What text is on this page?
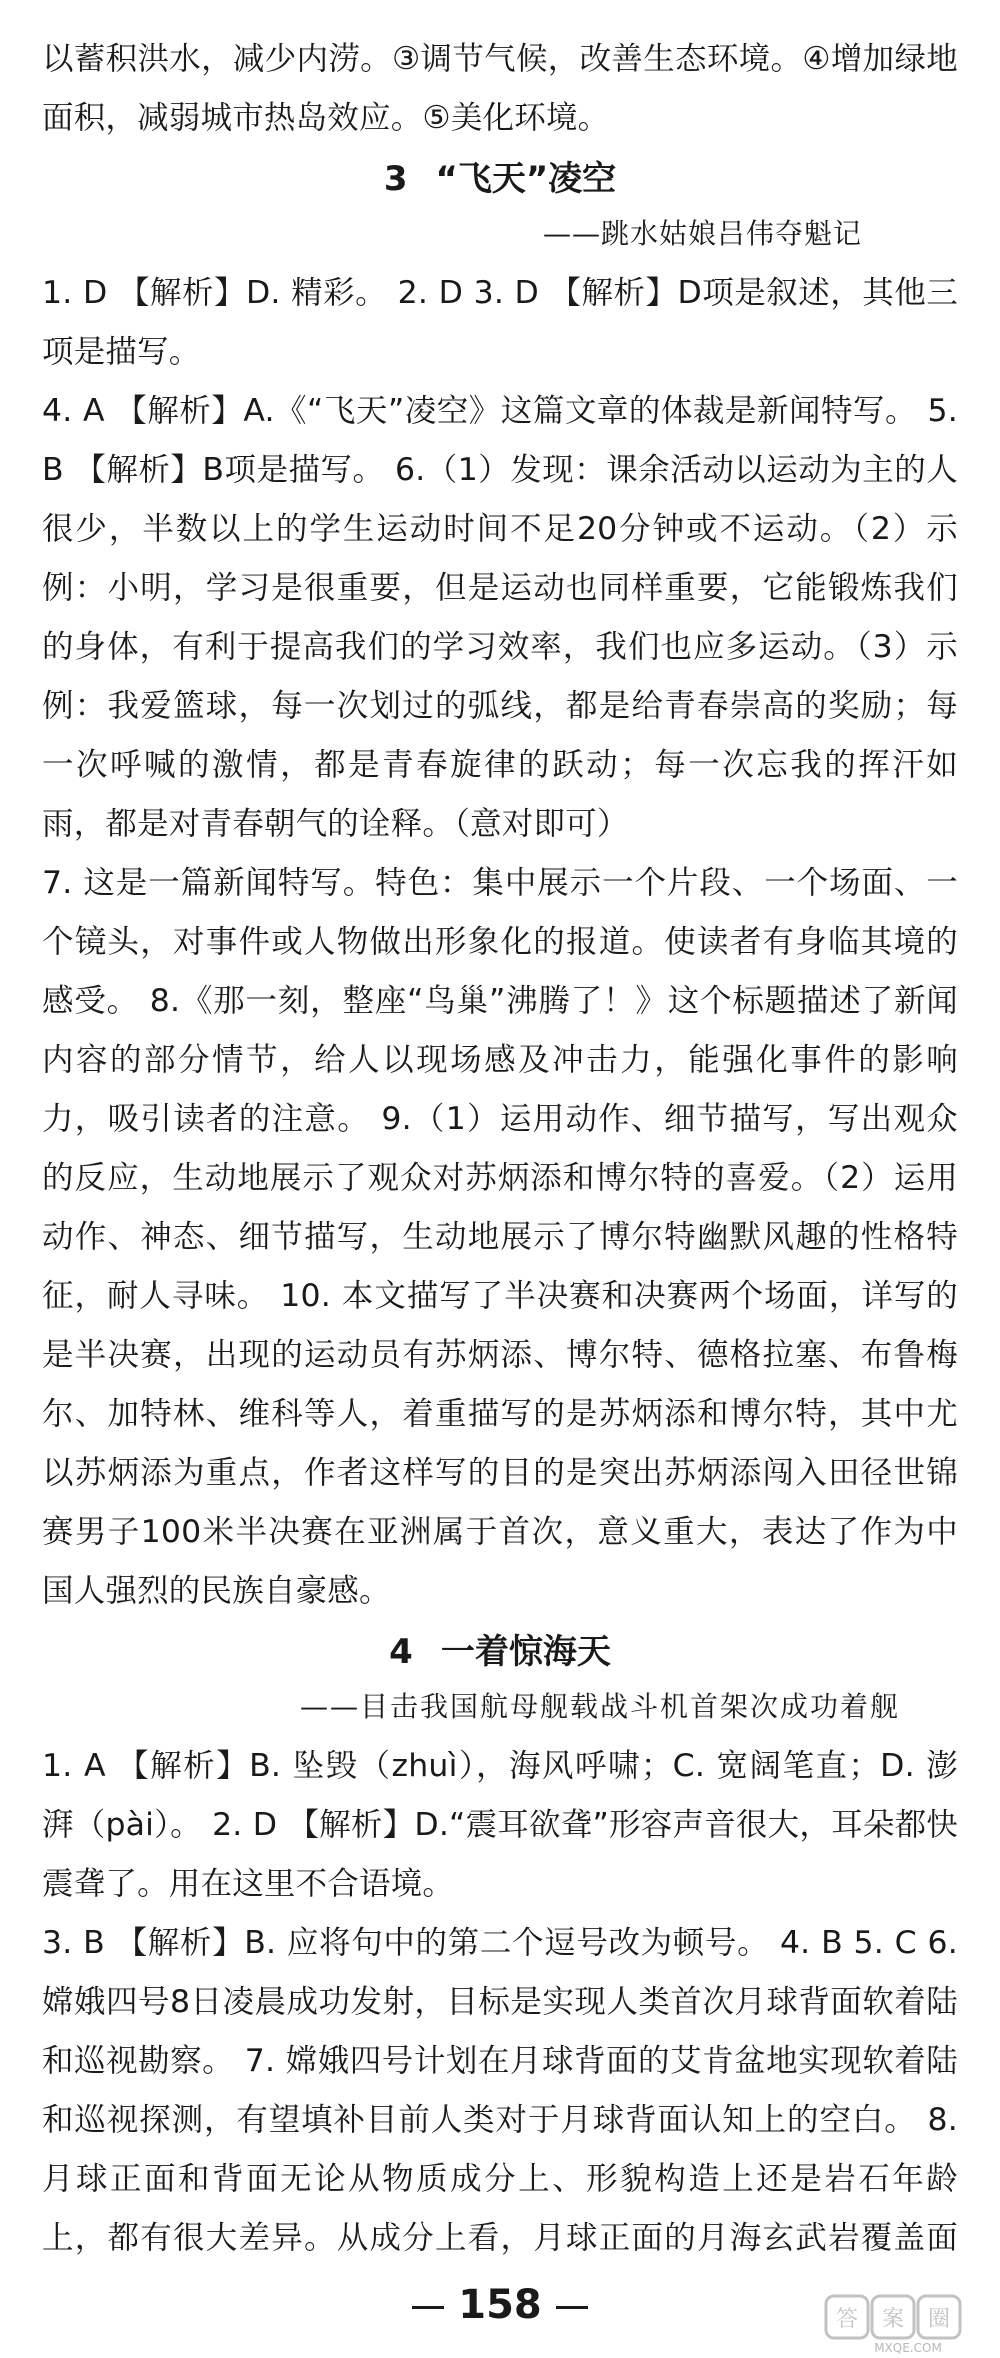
以蓄积洪水，减少内涝。③调节气候，改善生态环境。④增加绿地面积，减弱城市热岛效应。⑤美化环境。

3 “飞天”凌空
——跳水姑娘吕伟夺魁记

1. D 【解析】D. 精彩。 2. D 3. D 【解析】D项是叙述，其他三项是描写。

4. A 【解析】A.《“飞天”凌空》这篇文章的体裁是新闻特写。 5. B 【解析】B项是描写。 6.（1）发现：课余活动以运动为主的人很少，半数以上的学生运动时间不足20分钟或不运动。（2）示例：小明，学习是很重要，但是运动也同样重要，它能锻炼我们的身体，有利于提高我们的学习效率，我们也应多运动。（3）示例：我爱篮球，每一次划过的弧线，都是给青春崇高的奖励；每一次呼喊的激情，都是青春旋律的跃动；每一次忘我的挥汗如雨，都是对青春朝气的诠释。（意对即可）

7. 这是一篇新闻特写。特色：集中展示一个片段、一个场面、一个镜头，对事件或人物做出形象化的报道。使读者有身临其境的感受。 8.《那一刻，整座“鸟巢”沸腾了！》这个标题描述了新闻内容的部分情节，给人以现场感及冲击力，能强化事件的影响力，吸引读者的注意。 9.（1）运用动作、细节描写，写出观众的反应，生动地展示了观众对苏炳添和博尔特的喜爱。（2）运用动作、神态、细节描写，生动地展示了博尔特幽默风趣的性格特征，耐人寻味。 10. 本文描写了半决赛和决赛两个场面，详写的是半决赛，出现的运动员有苏炳添、博尔特、德格拉塞、布鲁梅尔、加特林、维科等人，着重描写的是苏炳添和博尔特，其中尤以苏炳添为重点，作者这样写的目的是突出苏炳添闯入田径世锦赛男子100米半决赛在亚洲属于首次，意义重大，表达了作为中国人强烈的民族自豪感。

4 一着惊海天
——目击我国航母舰载战斗机首架次成功着舰

1. A 【解析】B. 坠毁（zhuì），海风呼啸；C. 宽阔笔直；D. 澎湃（pài）。 2. D 【解析】D.“震耳欲聋”形容声音很大，耳朵都快震聋了。用在这里不合语境。

3. B 【解析】B. 应将句中的第二个逗号改为顿号。 4. B 5. C 6. 嫦娥四号8日凌晨成功发射，目标是实现人类首次月球背面软着陆和巡视勘察。 7. 嫦娥四号计划在月球背面的艾肯盆地实现软着陆和巡视探测，有望填补目前人类对于月球背面认知上的空白。 8. 月球正面和背面无论从物质成分上、形貌构造上还是岩石年龄上，都有很大差异。从成分上看，月球正面的月海玄武岩覆盖面

158	答 案 圈
MXQE.COM
